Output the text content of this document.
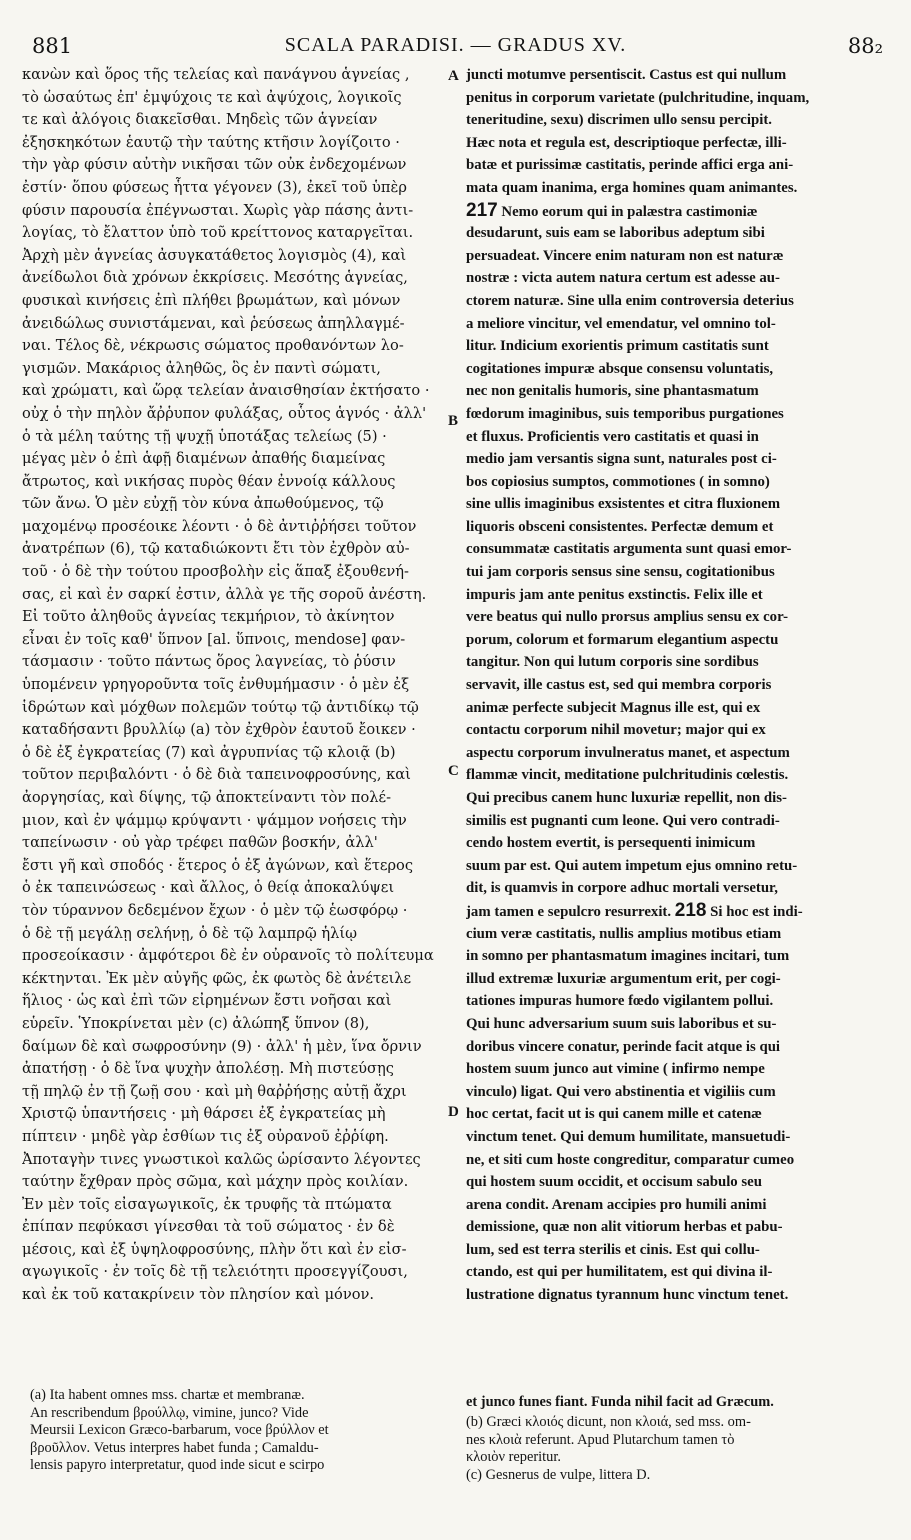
881	SCALA PARADISI. — GRADUS XV.	88₂
κανὼν καὶ ὅρος τῆς τελείας καὶ πανάγνου ἁγνείας ,
τὸ ὡσαύτως ἐπ' ἐμψύχοις τε καὶ ἀψύχοις, λογικοῖς
τε καὶ ἀλόγοις διακεῖσθαι. Μηδεὶς τῶν ἁγνείαν
ἐξησκηκότων ἑαυτῷ τὴν ταύτης κτῆσιν λογίζοιτο ·
τὴν γὰρ φύσιν αὐτὴν νικῆσαι τῶν οὐκ ἐνδεχομένων
ἐστίν· ὅπου φύσεως ἧττα γέγονεν (3), ἐκεῖ τοῦ ὑπὲρ
φύσιν παρουσία ἐπέγνωσται. Χωρὶς γὰρ πάσης ἀντι-
λογίας, τὸ ἔλαττον ὑπὸ τοῦ κρείττονος καταργεῖται.
Ἀρχὴ μὲν ἁγνείας ἀσυγκατάθετος λογισμὸς (4), καὶ
ἀνείδωλοι διὰ χρόνων ἐκκρίσεις. Μεσότης ἁγνείας,
φυσικαὶ κινήσεις ἐπὶ πλήθει βρωμάτων, καὶ μόνων
ἀνειδώλως συνιστάμεναι, καὶ ῥεύσεως ἀπηλλαγμέ-
ναι. Τέλος δὲ, νέκρωσις σώματος προθανόντων λο-
γισμῶν. Μακάριος ἀληθῶς, ὃς ἐν παντὶ σώματι,
καὶ χρώματι, καὶ ὥρᾳ τελείαν ἀναισθησίαν ἐκτήσατο ·
οὐχ ὁ τὴν πηλὸν ἄῤῥυπον φυλάξας, οὗτος ἁγνός · ἀλλ'
ὁ τὰ μέλη ταύτης τῇ ψυχῇ ὑποτάξας τελείως (5) ·
μέγας μὲν ὁ ἐπὶ ἁφῇ διαμένων ἀπαθής διαμείνας
ἄτρωτος, καὶ νικήσας πυρὸς θέαν ἐννοίᾳ κάλλους
τῶν ἄνω. Ὁ μὲν εὐχῇ τὸν κύνα ἀπωθούμενος, τῷ
μαχομένῳ προσέοικε λέοντι · ὁ δὲ ἀντιῤῥήσει τοῦτον
ἀνατρέπων (6), τῷ καταδιώκοντι ἔτι τὸν ἐχθρὸν αὐ-
τοῦ · ὁ δὲ τὴν τούτου προσβολὴν εἰς ἅπαξ ἐξουθενή-
σας, εἰ καὶ ἐν σαρκί ἐστιν, ἀλλὰ γε τῆς σοροῦ ἀνέστη.
Εἰ τοῦτο ἀληθοῦς ἁγνείας τεκμήριον, τὸ ἀκίνητον
εἶναι ἐν τοῖς καθ' ὕπνον [al. ὕπνοις, mendose] φαν-
τάσμασιν · τοῦτο πάντως ὅρος λαγνείας, τὸ ῥύσιν
ὑπομένειν γρηγοροῦντα τοῖς ἐνθυμήμασιν · ὁ μὲν ἐξ
ἱδρώτων καὶ μόχθων πολεμῶν τούτῳ τῷ ἀντιδίκῳ τῷ
καταδήσαντι βρυλλίῳ (a) τὸν ἐχθρὸν ἑαυτοῦ ἔοικεν ·
ὁ δὲ ἐξ ἐγκρατείας (7) καὶ ἀγρυπνίας τῷ κλοιᾷ (b)
τοῦτον περιβαλόντι · ὁ δὲ διὰ ταπεινοφροσύνης, καὶ
ἀοργησίας, καὶ δίψης, τῷ ἀποκτείναντι τὸν πολέ-
μιον, καὶ ἐν ψάμμῳ κρύψαντι · ψάμμον νοήσεις τὴν
ταπείνωσιν · οὐ γὰρ τρέφει παθῶν βοσκήν, ἀλλ'
ἔστι γῆ καὶ σποδός · ἕτερος ὁ ἐξ ἀγώνων, καὶ ἕτερος
ὁ ἐκ ταπεινώσεως · καὶ ἄλλος, ὁ θείᾳ ἀποκαλύψει
τὸν τύραννον δεδεμένον ἔχων · ὁ μὲν τῷ ἑωσφόρῳ ·
ὁ δὲ τῇ μεγάλῃ σελήνῃ, ὁ δὲ τῷ λαμπρῷ ἡλίῳ
προσεοίκασιν · ἀμφότεροι δὲ ἐν οὐρανοῖς τὸ πολίτευμα
κέκτηνται. Ἐκ μὲν αὐγῆς φῶς, ἐκ φωτὸς δὲ ἀνέτειλε
ἥλιος · ὡς καὶ ἐπὶ τῶν εἰρημένων ἔστι νοῆσαι καὶ
εὑρεῖν. Ὑποκρίνεται μὲν (c) ἀλώπηξ ὕπνον (8),
δαίμων δὲ καὶ σωφροσύνην (9) · ἀλλ' ἡ μὲν, ἵνα ὄρνιν
ἀπατήσῃ · ὁ δὲ ἵνα ψυχὴν ἀπολέσῃ. Μὴ πιστεύσῃς
τῇ πηλῷ ἐν τῇ ζωῇ σου · καὶ μὴ θαῤῥήσῃς αὐτῇ ἄχρι
Χριστῷ ὑπαντήσεις · μὴ θάρσει ἐξ ἐγκρατείας μὴ
πίπτειν · μηδὲ γὰρ ἐσθίων τις ἐξ οὐρανοῦ ἐῤῥίφη.
Ἀποταγὴν τινες γνωστικοὶ καλῶς ὡρίσαντο λέγοντες
ταύτην ἔχθραν πρὸς σῶμα, καὶ μάχην πρὸς κοιλίαν.
Ἐν μὲν τοῖς εἰσαγωγικοῖς, ἐκ τρυφῆς τὰ πτώματα
ἐπίπαν πεφύκασι γίνεσθαι τὰ τοῦ σώματος · ἐν δὲ
μέσοις, καὶ ἐξ ὑψηλοφροσύνης, πλὴν ὅτι καὶ ἐν εἰσ-
αγωγικοῖς · ἐν τοῖς δὲ τῇ τελειότητι προσεγγίζουσι,
καὶ ἐκ τοῦ κατακρίνειν τὸν πλησίον καὶ μόνον.
juncti motumve persentiscit. Castus est qui nullum
penitus in corporum varietate (pulchritudine, inquam,
teneritudine, sexu) discrimen ullo sensu percipit.
Hæc nota et regula est, descriptioque perfectæ, illi-
batæ et purissimæ castitatis, perinde affici erga ani-
mata quam inanima, erga homines quam animantes.
217 Nemo eorum qui in palæstra castimoniæ
desudarunt, suis eam se laboribus adeptum sibi
persuadeat. Vincere enim naturam non est naturæ
nostræ : victa autem natura certum est adesse au-
ctorem naturæ. Sine ulla enim controversia deterius
a meliore vincitur, vel emendatur, vel omnino tol-
litur. Indicium exorientis primum castitatis sunt
cogitationes impuræ absque consensu voluntatis,
nec non genitalis humoris, sine phantasmatum
fœdorum imaginibus, suis temporibus purgationes
et fluxus. Proficientis vero castitatis et quasi in
medio jam versantis signa sunt, naturales post ci-
bos copiosius sumptos, commotiones ( in somno)
sine ullis imaginibus exsistentes et citra fluxionem
liquoris obsceni consistentes. Perfectæ demum et
consummatæ castitatis argumenta sunt quasi emor-
tui jam corporis sensus sine sensu, cogitationibus
impuris jam ante penitus exstinctis. Felix ille et
vere beatus qui nullo prorsus amplius sensu ex cor-
porum, colorum et formarum elegantium aspectu
tangitur. Non qui lutum corporis sine sordibus
servavit, ille castus est, sed qui membra corporis
animæ perfecte subjecit Magnus ille est, qui ex
contactu corporum nihil movetur; major qui ex
aspectu corporum invulneratus manet, et aspectum
flammæ vincit, meditatione pulchritudinis cœlestis.
Qui precibus canem hunc luxuriæ repellit, non dis-
similis est pugnanti cum leone. Qui vero contradi-
cendo hostem evertit, is persequenti inimicum
suum par est. Qui autem impetum ejus omnino retu-
dit, is quamvis in corpore adhuc mortali versetur,
jam tamen e sepulcro resurrexit. 218 Si hoc est indi-
cium veræ castitatis, nullis amplius motibus etiam
in somno per phantasmatum imagines incitari, tum
illud extremæ luxuriæ argumentum erit, per cogi-
tationes impuras humore fœdo vigilantem pollui.
Qui hunc adversarium suum suis laboribus et su-
doribus vincere conatur, perinde facit atque is qui
hostem suum junco aut vimine ( infirmo nempe
vinculo) ligat. Qui vero abstinentia et vigiliis cum
hoc certat, facit ut is qui canem mille et catenæ
vinctum tenet. Qui demum humilitate, mansuetudi-
ne, et siti cum hoste congreditur, comparatur cumeo
qui hostem suum occidit, et occisum sabulo seu
arena condit. Arenam accipies pro humili animi
demissione, quæ non alit vitiorum herbas et pabu-
lum, sed est terra sterilis et cinis. Est qui collu-
ctando, est qui per humilitatem, est qui divina il-
lustratione dignatus tyrannum hunc vinctum tenet.
A
B
C
D
(a) Ita habent omnes mss. chartæ et membranæ.
An rescribendum βρούλλῳ, vimine, junco? Vide
Meursii Lexicon Græco-barbarum, voce βρύλλον et
βροῦλλον. Vetus interpres habet funda ; Camaldu-
lensis papyro interpretatur, quod inde sicut e scirpo
et junco funes fiant. Funda nihil facit ad Græcum.
(b) Græci κλοιός dicunt, non κλοιά, sed mss. om-
nes κλοιὰ referunt. Apud Plutarchum tamen τὸ
κλοιὸν reperitur.
(c) Gesnerus de vulpe, littera D.
